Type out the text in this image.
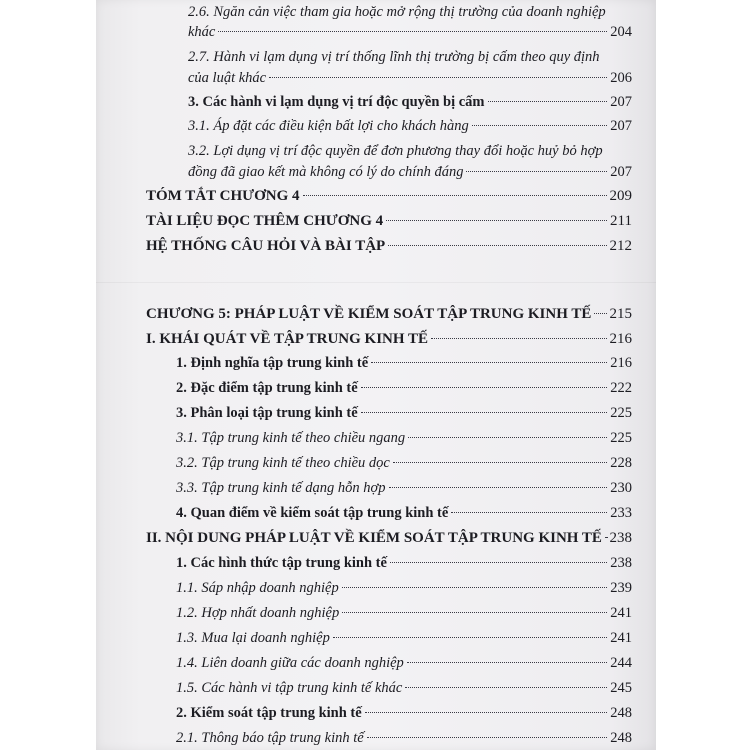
2.6. Ngăn cản việc tham gia hoặc mở rộng thị trường của doanh nghiệp
khác	204
2.7. Hành vi lạm dụng vị trí thống lĩnh thị trường bị cấm theo quy định
của luật khác	206
3. Các hành vi lạm dụng vị trí độc quyền bị cấm	207
3.1. Áp đặt các điều kiện bất lợi cho khách hàng	207
3.2. Lợi dụng vị trí độc quyền để đơn phương thay đổi hoặc huỷ bỏ hợp
đồng đã giao kết mà không có lý do chính đáng	207
TÓM TẮT CHƯƠNG 4	209
TÀI LIỆU ĐỌC THÊM CHƯƠNG 4	211
HỆ THỐNG CÂU HỎI VÀ BÀI TẬP	212
CHƯƠNG 5: PHÁP LUẬT VỀ KIỂM SOÁT TẬP TRUNG KINH TẾ 215
I. KHÁI QUÁT VỀ TẬP TRUNG KINH TẾ	216
1. Định nghĩa tập trung kinh tế	216
2. Đặc điểm tập trung kinh tế	222
3. Phân loại tập trung kinh tế	225
3.1. Tập trung kinh tế theo chiều ngang	225
3.2. Tập trung kinh tế theo chiều dọc	228
3.3. Tập trung kinh tế dạng hỗn hợp	230
4. Quan điểm về kiểm soát tập trung kinh tế	233
II. NỘI DUNG PHÁP LUẬT VỀ KIỂM SOÁT TẬP TRUNG KINH TẾ 238
1. Các hình thức tập trung kinh tế	238
1.1. Sáp nhập doanh nghiệp	239
1.2. Hợp nhất doanh nghiệp	241
1.3. Mua lại doanh nghiệp	241
1.4. Liên doanh giữa các doanh nghiệp	244
1.5. Các hành vi tập trung kinh tế khác	245
2. Kiểm soát tập trung kinh tế	248
2.1. Thông báo tập trung kinh tế	248
